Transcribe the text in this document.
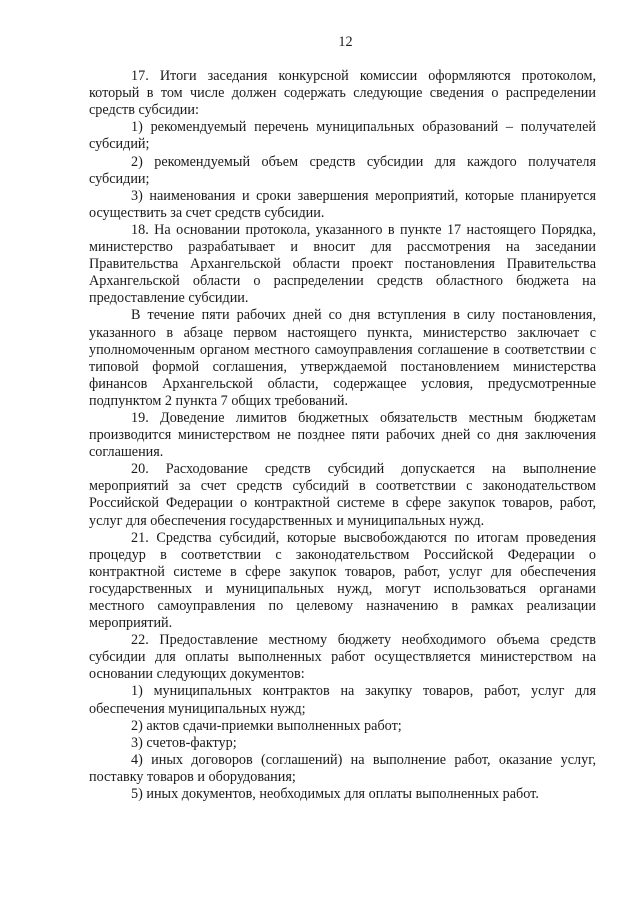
12

17. Итоги заседания конкурсной комиссии оформляются протоколом, который в том числе должен содержать следующие сведения о распределении средств субсидии:

1) рекомендуемый перечень муниципальных образований – получателей субсидий;

2) рекомендуемый объем средств субсидии для каждого получателя субсидии;

3) наименования и сроки завершения мероприятий, которые планируется осуществить за счет средств субсидии.

18. На основании протокола, указанного в пункте 17 настоящего Порядка, министерство разрабатывает и вносит для рассмотрения на заседании Правительства Архангельской области проект постановления Правительства Архангельской области о распределении средств областного бюджета на предоставление субсидии.

В течение пяти рабочих дней со дня вступления в силу постановления, указанного в абзаце первом настоящего пункта, министерство заключает с уполномоченным органом местного самоуправления соглашение в соответствии с типовой формой соглашения, утверждаемой постановлением министерства финансов Архангельской области, содержащее условия, предусмотренные подпунктом 2 пункта 7 общих требований.

19. Доведение лимитов бюджетных обязательств местным бюджетам производится министерством не позднее пяти рабочих дней со дня заключения соглашения.

20. Расходование средств субсидий допускается на выполнение мероприятий за счет средств субсидий в соответствии с законодательством Российской Федерации о контрактной системе в сфере закупок товаров, работ, услуг для обеспечения государственных и муниципальных нужд.

21. Средства субсидий, которые высвобождаются по итогам проведения процедур в соответствии с законодательством Российской Федерации о контрактной системе в сфере закупок товаров, работ, услуг для обеспечения государственных и муниципальных нужд, могут использоваться органами местного самоуправления по целевому назначению в рамках реализации мероприятий.

22. Предоставление местному бюджету необходимого объема средств субсидии для оплаты выполненных работ осуществляется министерством на основании следующих документов:

1) муниципальных контрактов на закупку товаров, работ, услуг для обеспечения муниципальных нужд;

2) актов сдачи-приемки выполненных работ;

3) счетов-фактур;

4) иных договоров (соглашений) на выполнение работ, оказание услуг, поставку товаров и оборудования;

5) иных документов, необходимых для оплаты выполненных работ.
